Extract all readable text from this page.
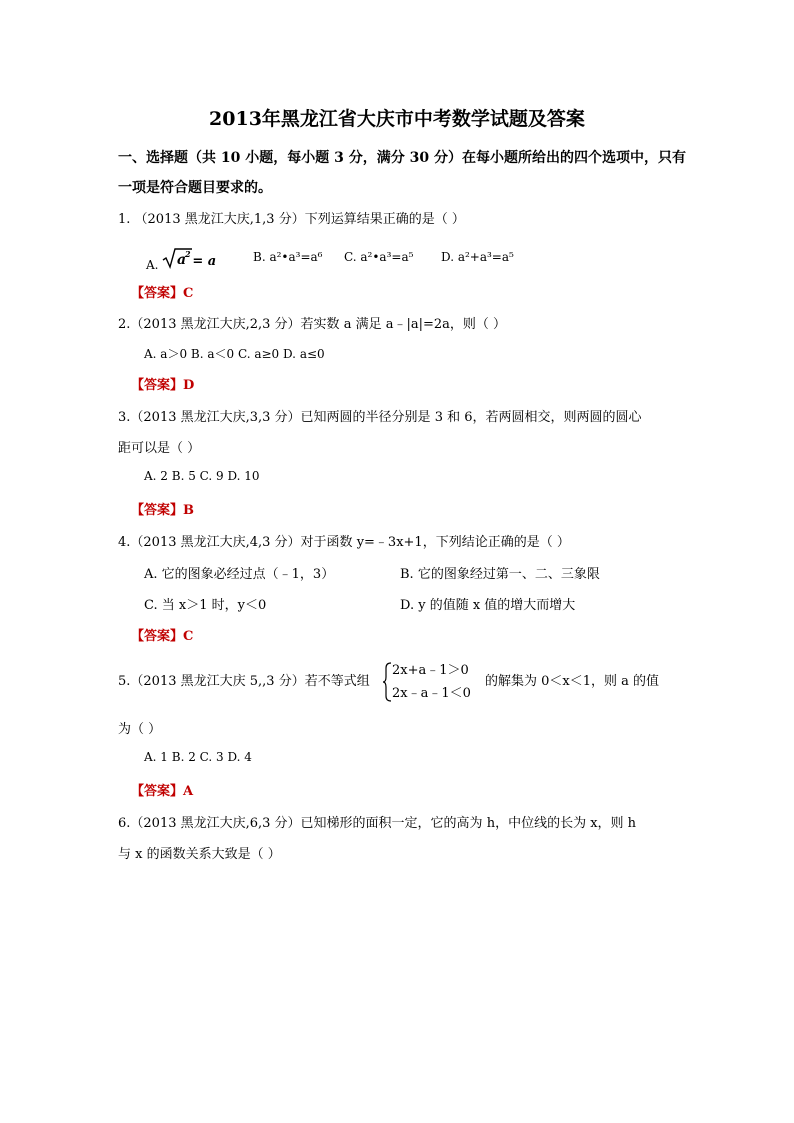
2013年黑龙江省大庆市中考数学试题及答案
一、选择题（共 10 小题，每小题 3 分，满分 30 分）在每小题所给出的四个选项中，只有
一项是符合题目要求的。
1. （2013 黑龙江大庆,1,3 分）下列运算结果正确的是（ ）
A. a
2 = a	B. a²•a³=a⁶ C. a²•a³=a⁵ D. a²+a³=a⁵
【答案】C
2.（2013 黑龙江大庆,2,3 分）若实数 a 满足 a﹣|a|=2a，则（ ）
A. a＞0 B. a＜0 C. a≥0 D. a≤0
【答案】D
3.（2013 黑龙江大庆,3,3 分）已知两圆的半径分别是 3 和 6，若两圆相交，则两圆的圆心
距可以是（ ）
A. 2 B. 5 C. 9 D. 10
【答案】B
4.（2013 黑龙江大庆,4,3 分）对于函数 y=﹣3x+1，下列结论正确的是（ ）
A. 它的图象必经过点（﹣1，3）	B. 它的图象经过第一、二、三象限
C. 当 x＞1 时，y＜0	D. y 的值随 x 值的增大而增大
【答案】C
5.（2013 黑龙江大庆 5,,3 分）若不等式组
2x+a﹣1＞0
2x﹣a﹣1＜0
的解集为 0＜x＜1，则 a 的值
为（ ）
A. 1 B. 2 C. 3 D. 4
【答案】A
6.（2013 黑龙江大庆,6,3 分）已知梯形的面积一定，它的高为 h，中位线的长为 x，则 h
与 x 的函数关系大致是（ ）
